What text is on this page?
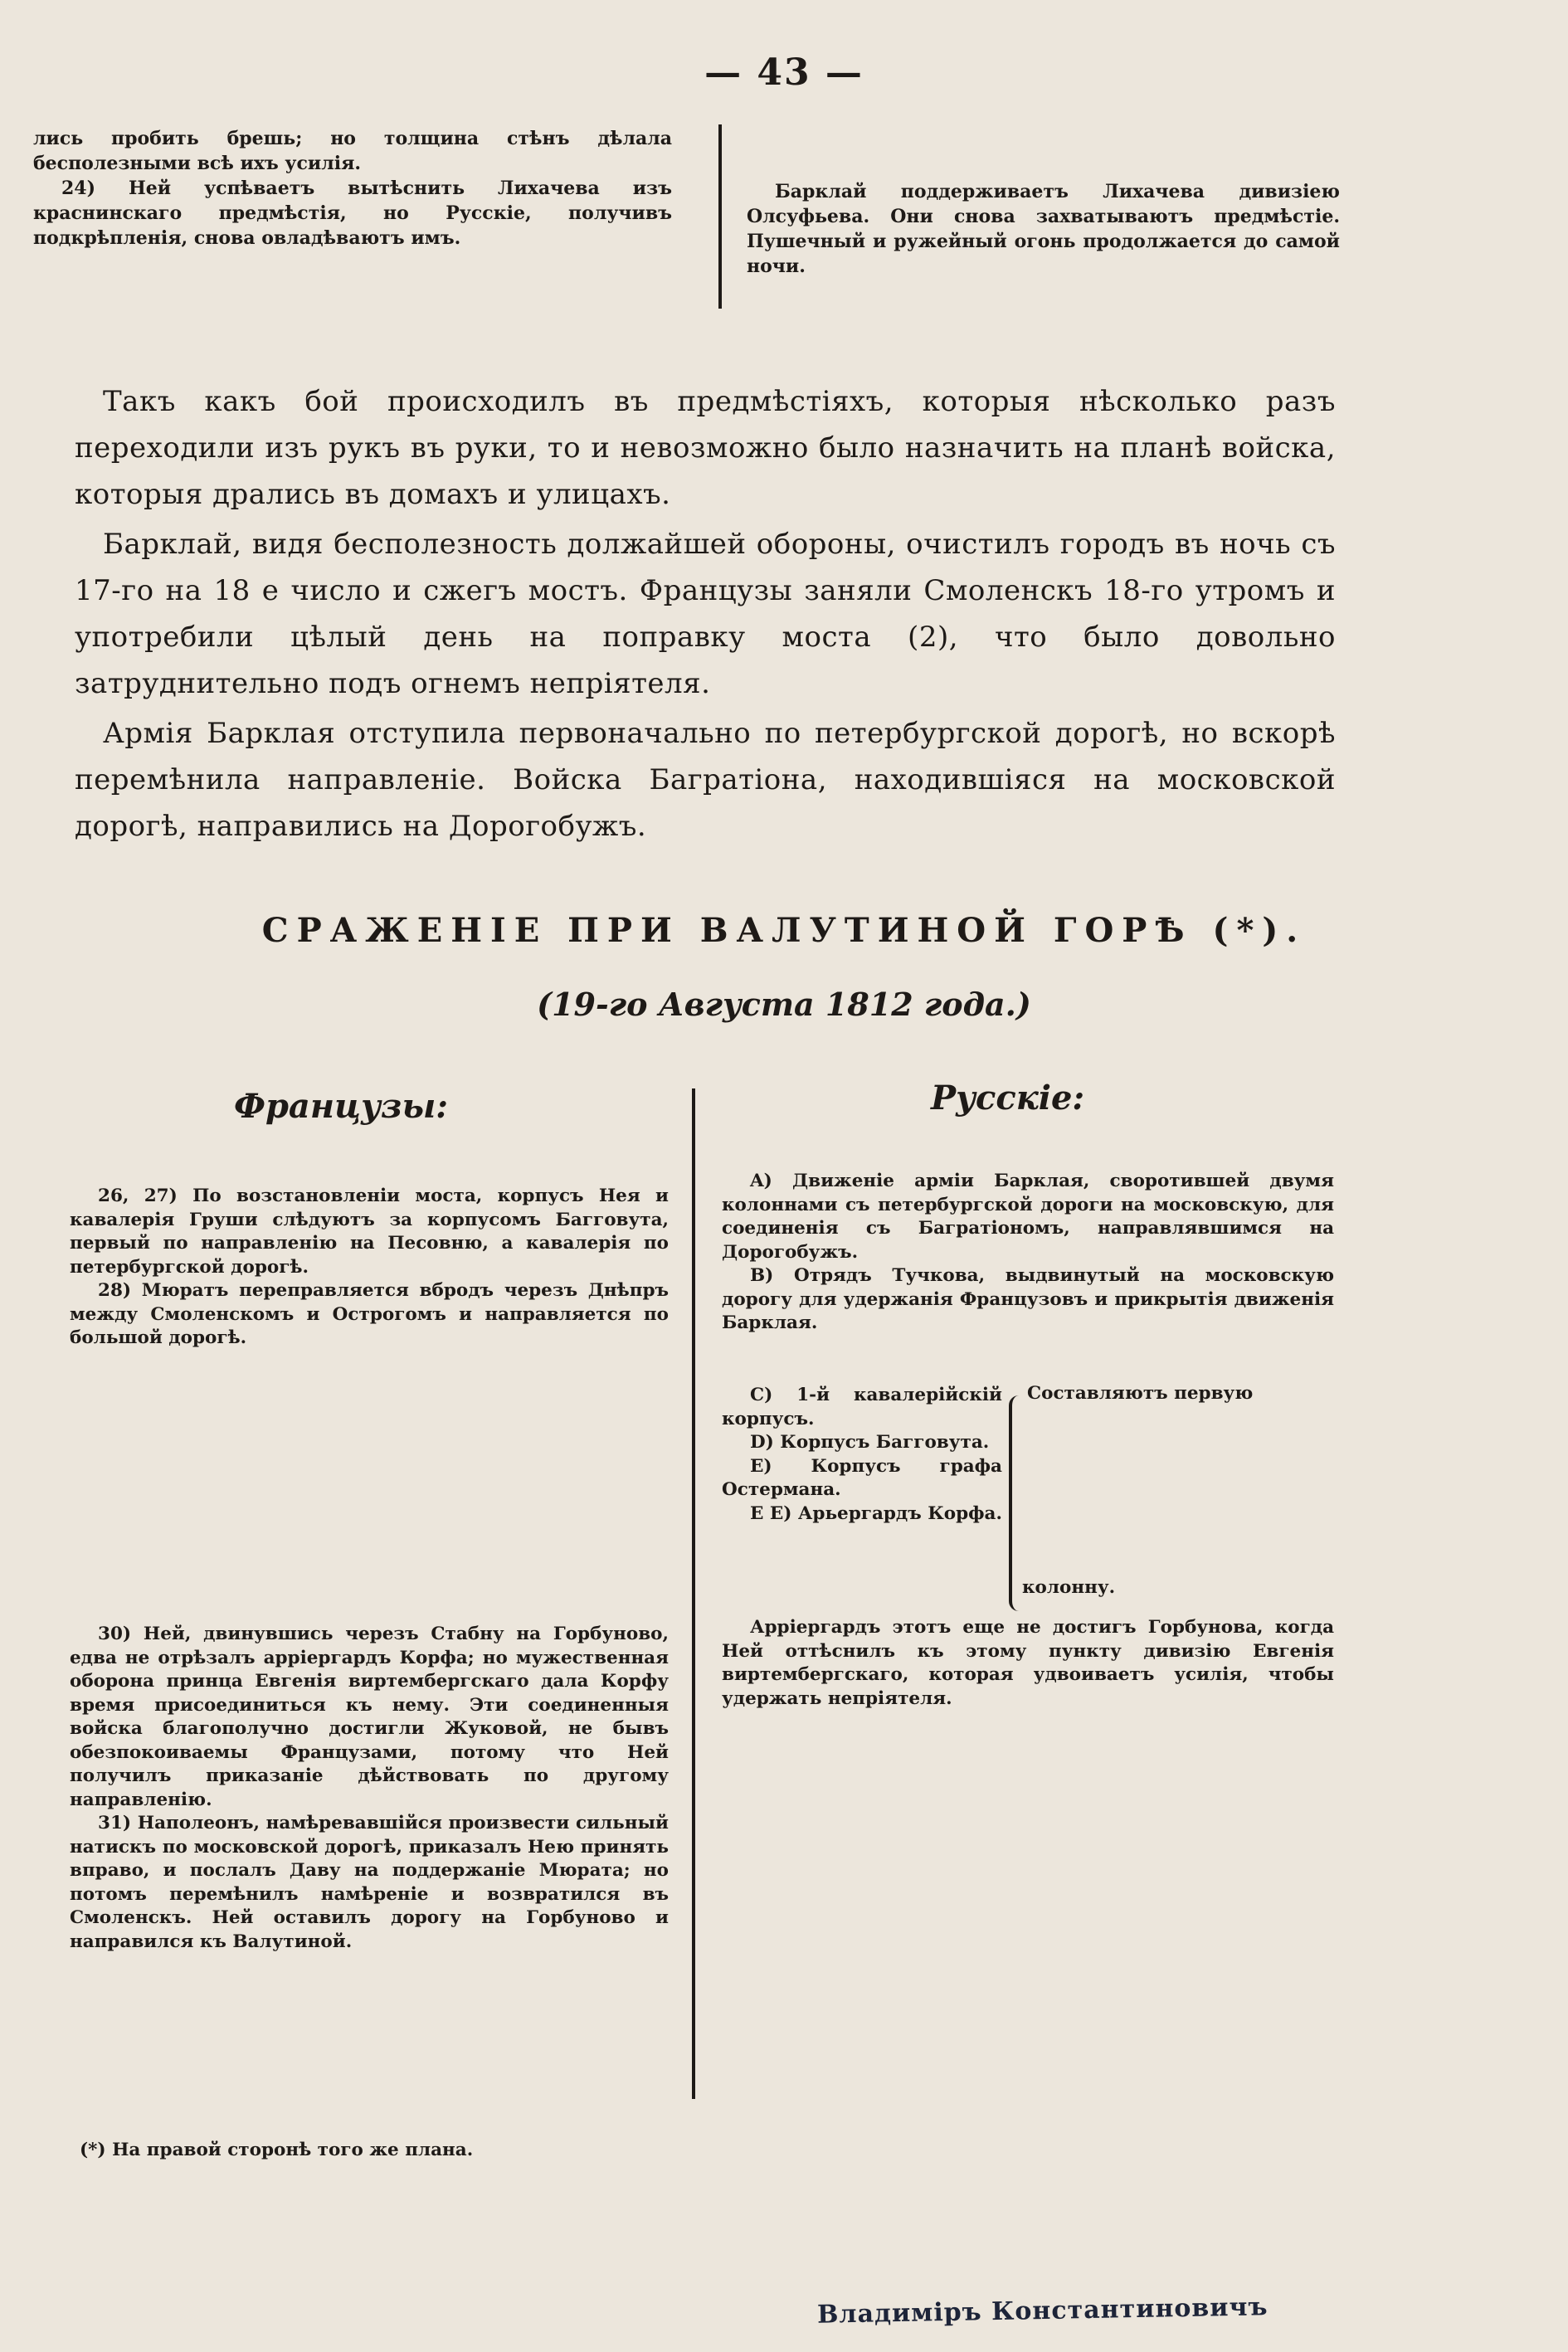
— 43 —

лись пробить брешь; но толщина стѣнъ дѣлала бесполезными всѣ ихъ усилія.

24) Ней успѣваетъ вытѣснить Лихачева изъ краснинскаго предмѣстія, но Русскіе, получивъ подкрѣпленія, снова овладѣваютъ имъ.

Барклай поддерживаетъ Лихачева дивизіею Олсуфьева. Они снова захватываютъ предмѣстіе. Пушечный и ружейный огонь продолжается до самой ночи.

Такъ какъ бой происходилъ въ предмѣстіяхъ, которыя нѣсколько разъ переходили изъ рукъ въ руки, то и невозможно было назначить на планѣ войска, которыя дрались въ домахъ и улицахъ.

Барклай, видя бесполезность должайшей обороны, очистилъ городъ въ ночь съ 17-го на 18 е число и сжегъ мостъ. Французы заняли Смоленскъ 18-го утромъ и употребили цѣлый день на поправку моста (2), что было довольно затруднительно подъ огнемъ непріятеля.

Армія Барклая отступила первоначально по петербургской дорогѣ, но вскорѣ перемѣнила направленіе. Войска Багратіона, находившіяся на московской дорогѣ, направились на Дорогобужъ.

СРАЖЕНІЕ ПРИ ВАЛУТИНОЙ ГОРѢ (*).
(19-го Августа 1812 года.)
Французы:	Русскіе:

26, 27) По возстановленіи моста, корпусъ Нея и кавалерія Груши слѣдуютъ за корпусомъ Багговута, первый по направленію на Песовню, а кавалерія по петербургской дорогѣ.

28) Мюратъ переправляется вбродъ черезъ Днѣпръ между Смоленскомъ и Острогомъ и направляется по большой дорогѣ.

30) Ней, двинувшись черезъ Стабну на Горбуново, едва не отрѣзалъ арріергардъ Корфа; но мужественная оборона принца Евгенія виртембергскаго дала Корфу время присоединиться къ нему. Эти соединенныя войска благополучно достигли Жуковой, не бывъ обезпокоиваемы Французами, потому что Ней получилъ приказаніе дѣйствовать по другому направленію.

31) Наполеонъ, намѣревавшійся произвести сильный натискъ по московской дорогѣ, приказалъ Нею принять вправо, и послалъ Даву на поддержаніе Мюрата; но потомъ перемѣнилъ намѣреніе и возвратился въ Смоленскъ. Ней оставилъ дорогу на Горбуново и направился къ Валутиной.

(*) На правой сторонѣ того же плана.

A) Движеніе арміи Барклая, своротившей двумя колоннами съ петербургской дороги на московскую, для соединенія съ Багратіономъ, направлявшимся на Дорогобужъ.

B) Отрядъ Тучкова, выдвинутый на московскую дорогу для удержанія Французовъ и прикрытія движенія Барклая.

C) 1-й кавалерійскій корпусъ.

D) Корпусъ Багговута.

E) Корпусъ графа Остермана.

E E) Арьергардъ Корфа.

Составляютъ первую
колонну.

Арріергардъ этотъ еще не достигъ Горбунова, когда Ней оттѣснилъ къ этому пункту дивизію Евгенія виртембергскаго, которая удвоиваетъ усилія, чтобы удержать непріятеля.

Владиміръ Константиновичъ
